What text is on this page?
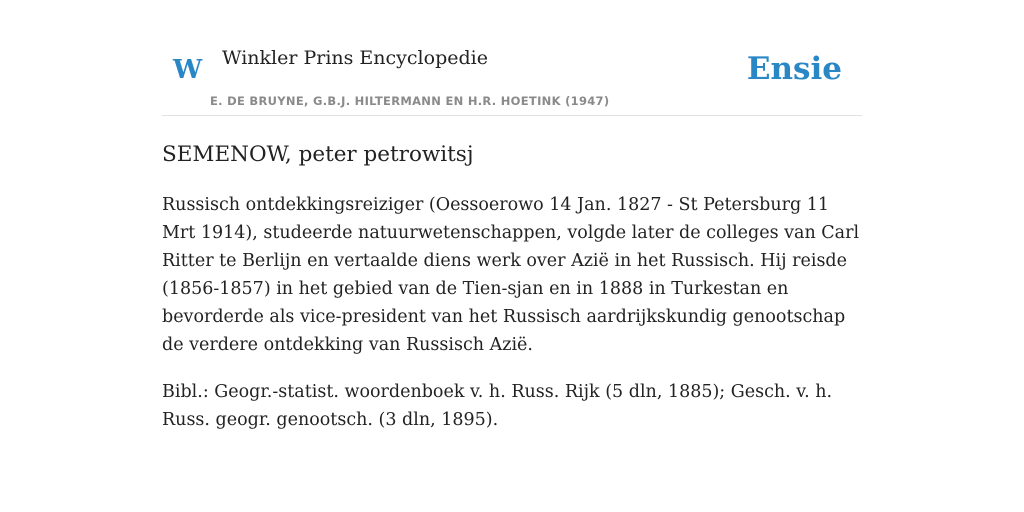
W Winkler Prins Encyclopedie
E. DE BRUYNE, G.B.J. HILTERMANN EN H.R. HOETINK (1947)
Ensie
SEMENOW, peter petrowitsj

Russisch ontdekkingsreiziger (Oessoerowo 14 Jan. 1827 - St Petersburg 11 Mrt 1914), studeerde natuurwetenschappen, volgde later de colleges van Carl Ritter te Berlijn en vertaalde diens werk over Azië in het Russisch. Hij reisde (1856-1857) in het gebied van de Tien-sjan en in 1888 in Turkestan en bevorderde als vice-president van het Russisch aardrijkskundig genootschap de verdere ontdekking van Russisch Azië.

Bibl.: Geogr.-statist. woordenboek v. h. Russ. Rijk (5 dln, 1885); Gesch. v. h. Russ. geogr. genootsch. (3 dln, 1895).
